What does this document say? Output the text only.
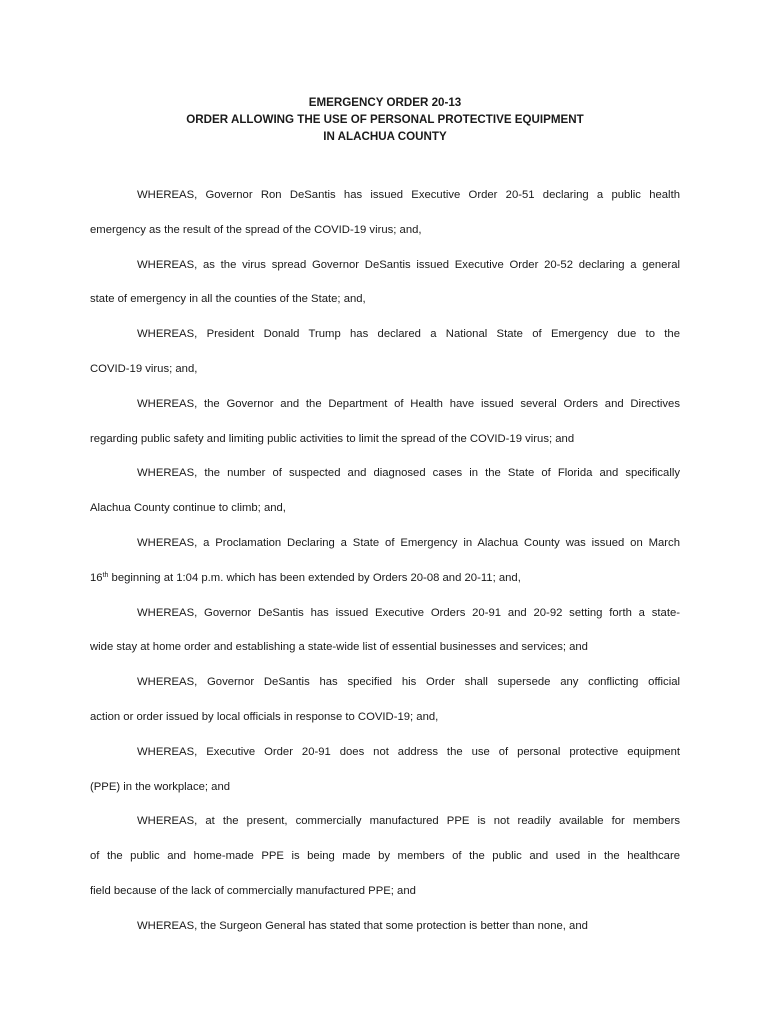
EMERGENCY ORDER 20-13
ORDER ALLOWING THE USE OF PERSONAL PROTECTIVE EQUIPMENT
IN ALACHUA COUNTY
WHEREAS, Governor Ron DeSantis has issued Executive Order 20-51 declaring a public health
emergency as the result of the spread of the COVID-19 virus; and,
WHEREAS, as the virus spread Governor DeSantis issued Executive Order 20-52 declaring a general
state of emergency in all the counties of the State; and,
WHEREAS, President Donald Trump has declared a National State of Emergency due to the
COVID-19 virus; and,
WHEREAS, the Governor and the Department of Health have issued several Orders and Directives
regarding public safety and limiting public activities to limit the spread of the COVID-19 virus; and
WHEREAS, the number of suspected and diagnosed cases in the State of Florida and specifically
Alachua County continue to climb; and,
WHEREAS, a Proclamation Declaring a State of Emergency in Alachua County was issued on March
16th beginning at 1:04 p.m. which has been extended by Orders 20-08 and 20-11; and,
WHEREAS, Governor DeSantis has issued Executive Orders 20-91 and 20-92 setting forth a state-
wide stay at home order and establishing a state-wide list of essential businesses and services; and
WHEREAS, Governor DeSantis has specified his Order shall supersede any conflicting official
action or order issued by local officials in response to COVID-19; and,
WHEREAS, Executive Order 20-91 does not address the use of personal protective equipment
(PPE) in the workplace; and
WHEREAS, at the present, commercially manufactured PPE is not readily available for members
of the public and home-made PPE is being made by members of the public and used in the healthcare
field because of the lack of commercially manufactured PPE; and
WHEREAS, the Surgeon General has stated that some protection is better than none, and
